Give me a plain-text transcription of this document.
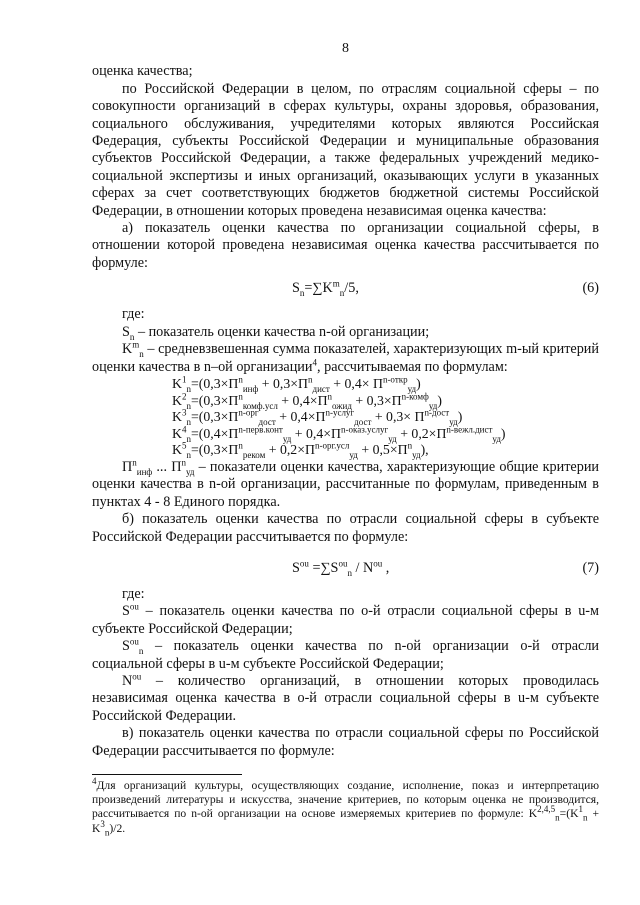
8

оценка качества;

по Российской Федерации в целом, по отраслям социальной сферы – по совокупности организаций в сферах культуры, охраны здоровья, образования, социального обслуживания, учредителями которых являются Российская Федерация, субъекты Российской Федерации и муниципальные образования субъектов Российской Федерации, а также федеральных учреждений медико-социальной экспертизы и иных организаций, оказывающих услуги в указанных сферах за счет соответствующих бюджетов бюджетной системы Российской Федерации, в отношении которых проведена независимая оценка качества:

а) показатель оценки качества по организации социальной сферы, в отношении которой проведена независимая оценка качества рассчитывается по формуле:

$S_n=\sum K^m_n/5$,	(6)
где:

$S_n$ – показатель оценки качества n-ой организации;

$K^m_n$ – средневзвешенная сумма показателей, характеризующих m-ый критерий оценки качества в n–ой организации$^4$, рассчитываемая по формулам:

$K^1_n=(0,3\times П^n_{инф} + 0,3\times П^n_{дист} + 0,4\times П^{n-откр}_{уд})$
$K^2_n=(0,3\times П^n_{комф.усл} + 0,4\times П^n_{ожид} + 0,3\times П^{n-комф}_{уд})$
$K^3_n=(0,3\times П^{n-орг}_{дост} + 0,4\times П^{n-услуг}_{дост} + 0,3\times П^{n-дост}_{уд})$
$K^4_n=(0,4\times П^{n-перв.конт}_{уд} + 0,4\times П^{n-оказ.услуг}_{уд} + 0,2\times П^{n-вежл.дист}_{уд})$
$K^5_n=(0,3\times П^n_{реком} + 0,2\times П^{n-орг.усл}_{уд} + 0,5\times П^n_{уд})$,

$П^n_{инф}$ ... $П^n_{уд}$ – показатели оценки качества, характеризующие общие критерии оценки качества в n-ой организации, рассчитанные по формулам, приведенным в пунктах 4 - 8 Единого порядка.

б) показатель оценки качества по отрасли социальной сферы в субъекте Российской Федерации рассчитывается по формуле:

$S^{ou} =\sum S^{ou}_n / N^{ou}$ ,	(7)
где:

$S^{ou}$ – показатель оценки качества по о-й отрасли социальной сферы в u-м субъекте Российской Федерации;

$S^{ou}_n$ – показатель оценки качества по n-ой организации о-й отрасли социальной сферы в u-м субъекте Российской Федерации;

$N^{ou}$ – количество организаций, в отношении которых проводилась независимая оценка качества в о-й отрасли социальной сферы в u-м субъекте Российской Федерации.

в) показатель оценки качества по отрасли социальной сферы по Российской Федерации рассчитывается по формуле:

$^4$Для организаций культуры, осуществляющих создание, исполнение, показ и интерпретацию произведений литературы и искусства, значение критериев, по которым оценка не производится, рассчитывается по n-ой организации на основе измеряемых критериев по формуле: $K^{2,4,5}_n=(K^1_n + K^3_n)/2$.
